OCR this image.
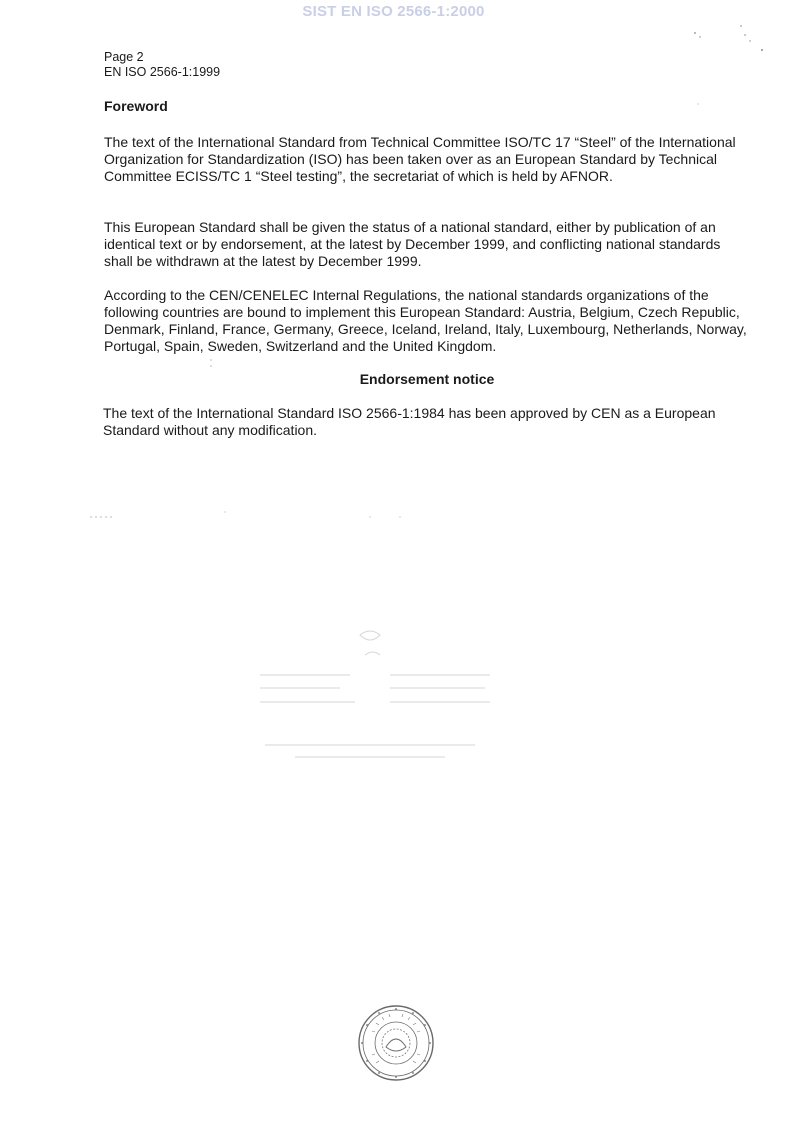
SIST EN ISO 2566-1:2000
Page 2
EN ISO 2566-1:1999
Foreword

The text of the International Standard from Technical Committee ISO/TC 17 “Steel” of the International Organization for Standardization (ISO) has been taken over as an European Standard by Technical Committee ECISS/TC 1 “Steel testing”, the secretariat of which is held by AFNOR.

This European Standard shall be given the status of a national standard, either by publication of an identical text or by endorsement, at the latest by December 1999, and conflicting national standards shall be withdrawn at the latest by December 1999.

According to the CEN/CENELEC Internal Regulations, the national standards organizations of the following countries are bound to implement this European Standard: Austria, Belgium, Czech Republic, Denmark, Finland, France, Germany, Greece, Iceland, Ireland, Italy, Luxembourg, Netherlands, Norway, Portugal, Spain, Sweden, Switzerland and the United Kingdom.

Endorsement notice

The text of the International Standard ISO 2566-1:1984 has been approved by CEN as a European Standard without any modification.
